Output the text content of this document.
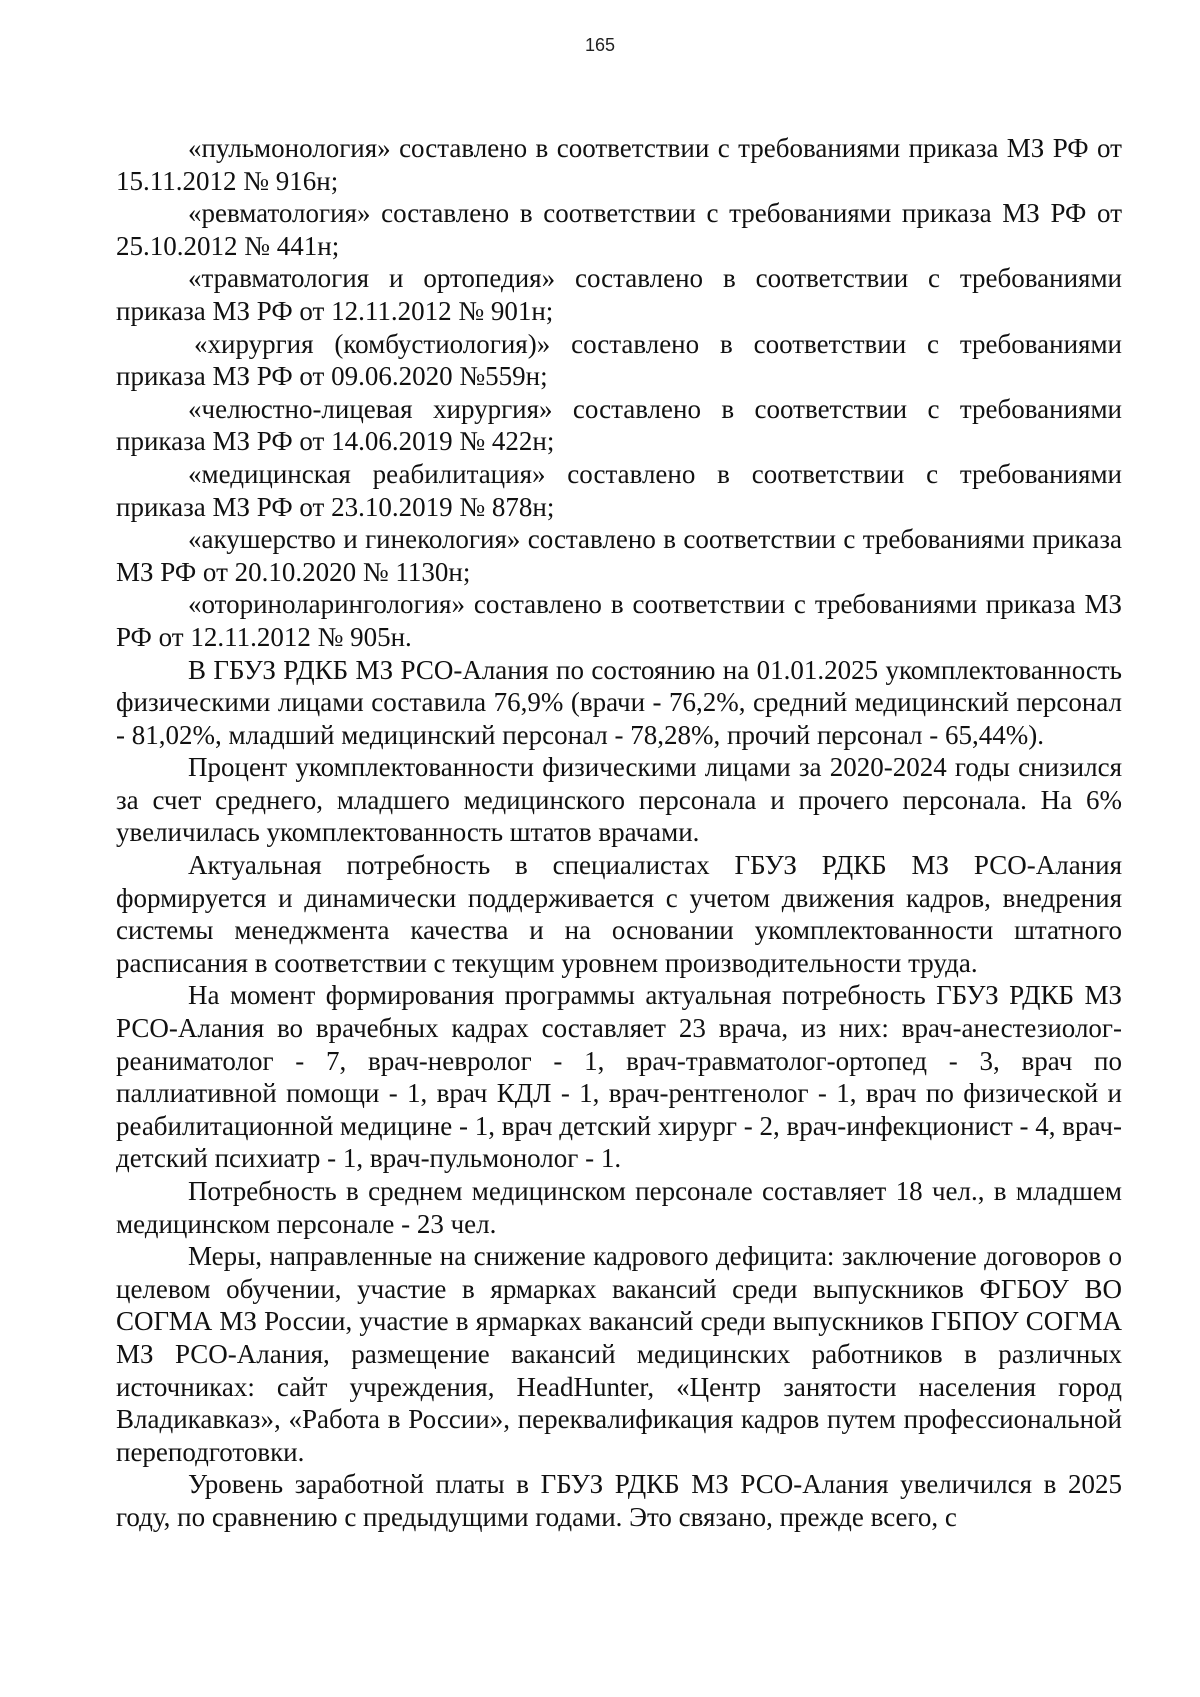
165

«пульмонология» составлено в соответствии с требованиями приказа МЗ РФ от 15.11.2012 № 916н;

«ревматология» составлено в соответствии с требованиями приказа МЗ РФ от 25.10.2012 № 441н;

«травматология и ортопедия» составлено в соответствии с требованиями приказа МЗ РФ от 12.11.2012 № 901н;

«хирургия (комбустиология)» составлено в соответствии с требованиями приказа МЗ РФ от 09.06.2020 №559н;

«челюстно-лицевая хирургия» составлено в соответствии с требованиями приказа МЗ РФ от 14.06.2019 № 422н;

«медицинская реабилитация» составлено в соответствии с требованиями приказа МЗ РФ от 23.10.2019 № 878н;

«акушерство и гинекология» составлено в соответствии с требованиями приказа МЗ РФ от 20.10.2020 № 1130н;

«оториноларингология» составлено в соответствии с требованиями приказа МЗ РФ от 12.11.2012 № 905н.

В ГБУЗ РДКБ МЗ РСО-Алания по состоянию на 01.01.2025 укомплектованность физическими лицами составила 76,9% (врачи - 76,2%, средний медицинский персонал - 81,02%, младший медицинский персонал - 78,28%, прочий персонал - 65,44%).

Процент укомплектованности физическими лицами за 2020-2024 годы снизился за счет среднего, младшего медицинского персонала и прочего персонала. На 6% увеличилась укомплектованность штатов врачами.

Актуальная потребность в специалистах ГБУЗ РДКБ МЗ РСО-Алания формируется и динамически поддерживается с учетом движения кадров, внедрения системы менеджмента качества и на основании укомплектованности штатного расписания в соответствии с текущим уровнем производительности труда.

На момент формирования программы актуальная потребность ГБУЗ РДКБ МЗ РСО-Алания во врачебных кадрах составляет 23 врача, из них: врач-анестезиолог-реаниматолог - 7, врач-невролог - 1, врач-травматолог-ортопед - 3, врач по паллиативной помощи - 1, врач КДЛ - 1, врач-рентгенолог - 1, врач по физической и реабилитационной медицине - 1, врач детский хирург - 2, врач-инфекционист - 4, врач-детский психиатр - 1, врач-пульмонолог - 1.

Потребность в среднем медицинском персонале составляет 18 чел., в младшем медицинском персонале - 23 чел.

Меры, направленные на снижение кадрового дефицита: заключение договоров о целевом обучении, участие в ярмарках вакансий среди выпускников ФГБОУ ВО СОГМА МЗ России, участие в ярмарках вакансий среди выпускников ГБПОУ СОГМА МЗ РСО-Алания, размещение вакансий медицинских работников в различных источниках: сайт учреждения, HeadHunter, «Центр занятости населения город Владикавказ», «Работа в России», переквалификация кадров путем профессиональной переподготовки.

Уровень заработной платы в ГБУЗ РДКБ МЗ РСО-Алания увеличился в 2025 году, по сравнению с предыдущими годами. Это связано, прежде всего, с
